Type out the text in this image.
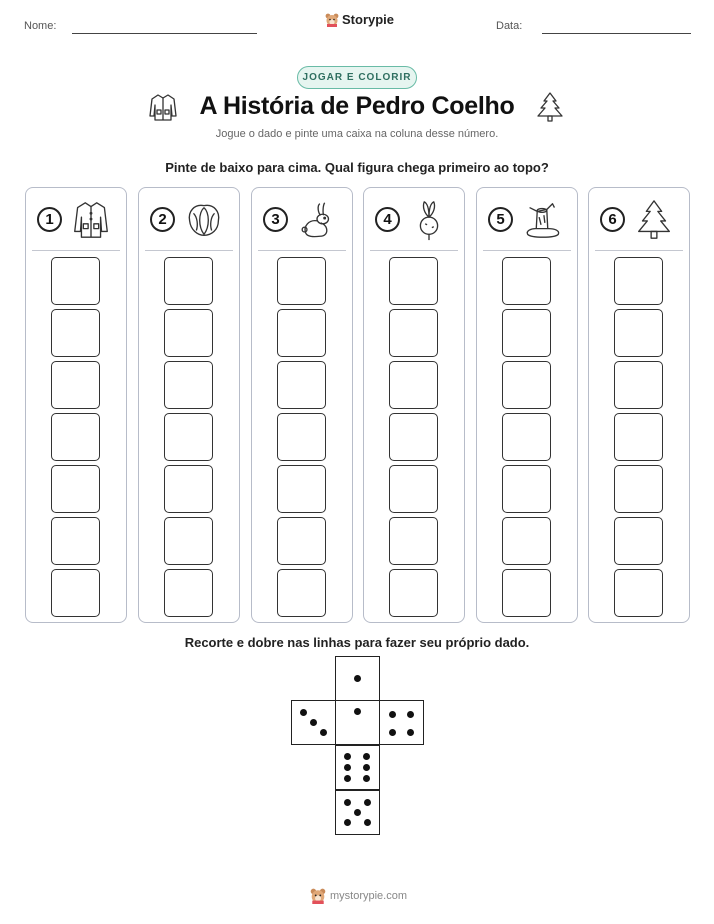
Nome:	Storypie	Data:
JOGAR E COLORIR
A História de Pedro Coelho
Jogue o dado e pinte uma caixa na coluna desse número.
Pinte de baixo para cima. Qual figura chega primeiro ao topo?
1	2	3	4	5	6
Recorte e dobre nas linhas para fazer seu próprio dado.
mystorypie.com
